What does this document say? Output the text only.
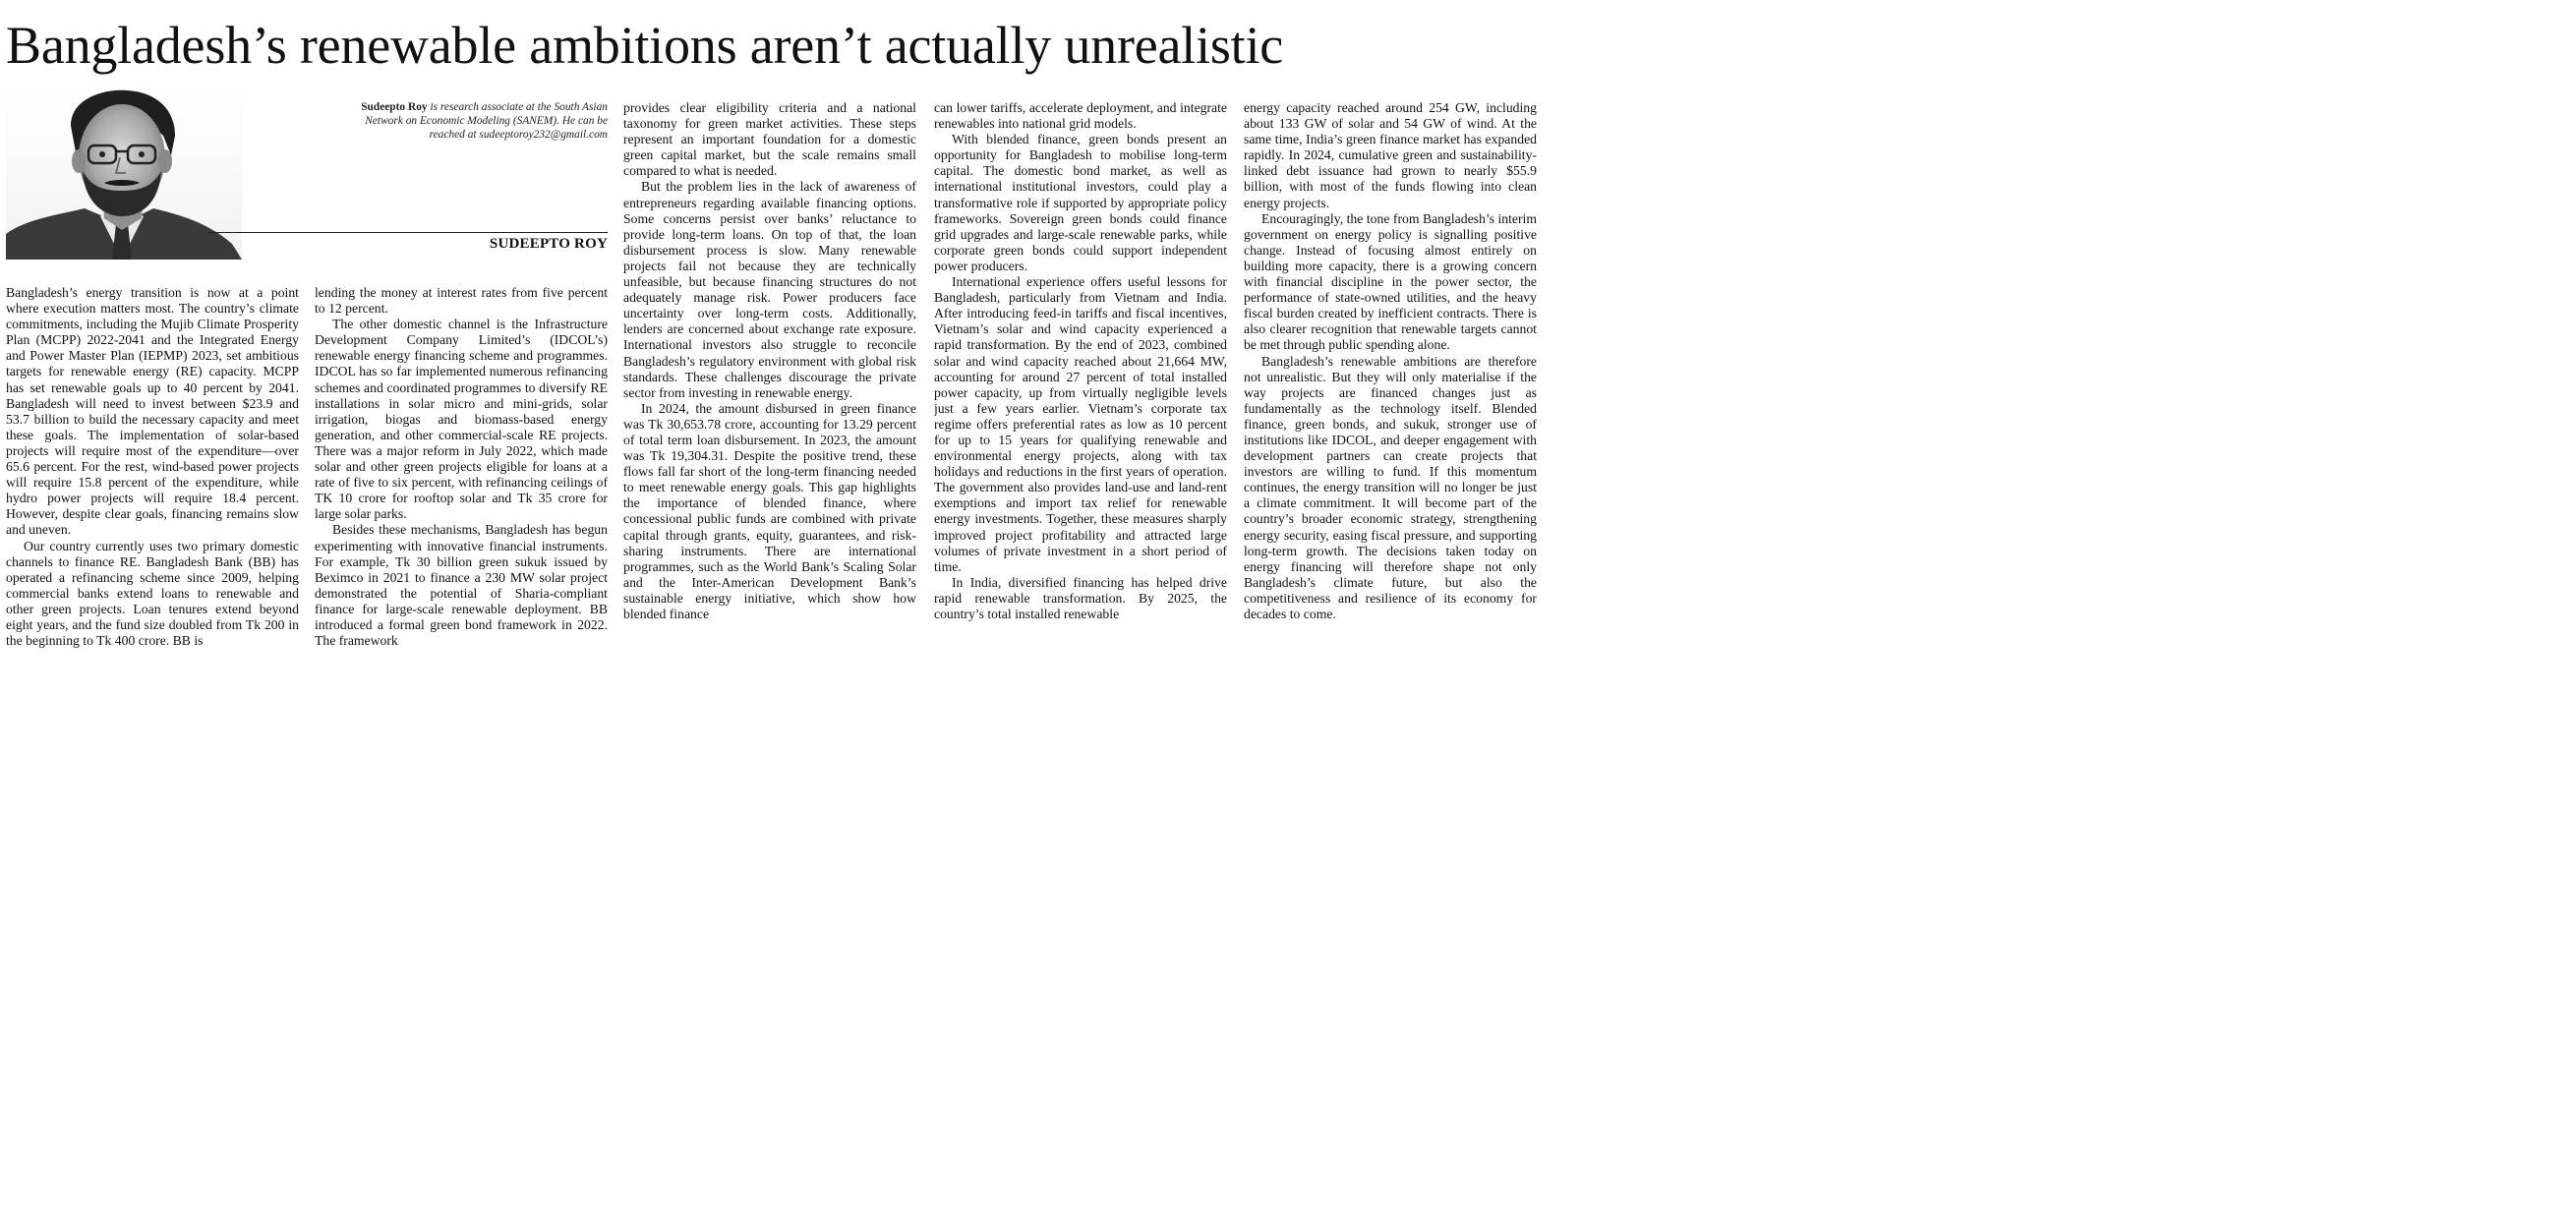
Bangladesh’s renewable ambitions aren’t actually unrealistic
Sudeepto Roy is research associate at the South Asian Network on Economic Modeling (SANEM). He can be reached at sudeeptoroy232@gmail.com
SUDEEPTO ROY

Bangladesh’s energy transition is now at a point where execution matters most. The country’s climate commitments, including the Mujib Climate Prosperity Plan (MCPP) 2022-2041 and the Integrated Energy and Power Master Plan (IEPMP) 2023, set ambitious targets for renewable energy (RE) capacity. MCPP has set renewable goals up to 40 percent by 2041. Bangladesh will need to invest between $23.9 and 53.7 billion to build the necessary capacity and meet these goals. The implementation of solar-based projects will require most of the expenditure—over 65.6 percent. For the rest, wind-based power projects will require 15.8 percent of the expenditure, while hydro power projects will require 18.4 percent. However, despite clear goals, financing remains slow and uneven.

Our country currently uses two primary domestic channels to finance RE. Bangladesh Bank (BB) has operated a refinancing scheme since 2009, helping commercial banks extend loans to renewable and other green projects. Loan tenures extend beyond eight years, and the fund size doubled from Tk 200 in the beginning to Tk 400 crore. BB is

lending the money at interest rates from five percent to 12 percent.

The other domestic channel is the Infrastructure Development Company Limited’s (IDCOL’s) renewable energy financing scheme and programmes. IDCOL has so far implemented numerous refinancing schemes and coordinated programmes to diversify RE installations in solar micro and mini-grids, solar irrigation, biogas and biomass-based energy generation, and other commercial-scale RE projects. There was a major reform in July 2022, which made solar and other green projects eligible for loans at a rate of five to six percent, with refinancing ceilings of TK 10 crore for rooftop solar and Tk 35 crore for large solar parks.

Besides these mechanisms, Bangladesh has begun experimenting with innovative financial instruments. For example, Tk 30 billion green sukuk issued by Beximco in 2021 to finance a 230 MW solar project demonstrated the potential of Sharia-compliant finance for large-scale renewable deployment. BB introduced a formal green bond framework in 2022. The framework

provides clear eligibility criteria and a national taxonomy for green market activities. These steps represent an important foundation for a domestic green capital market, but the scale remains small compared to what is needed.

But the problem lies in the lack of awareness of entrepreneurs regarding available financing options. Some concerns persist over banks’ reluctance to provide long-term loans. On top of that, the loan disbursement process is slow. Many renewable projects fail not because they are technically unfeasible, but because financing structures do not adequately manage risk. Power producers face uncertainty over long-term costs. Additionally, lenders are concerned about exchange rate exposure. International investors also struggle to reconcile Bangladesh’s regulatory environment with global risk standards. These challenges discourage the private sector from investing in renewable energy.

In 2024, the amount disbursed in green finance was Tk 30,653.78 crore, accounting for 13.29 percent of total term loan disbursement. In 2023, the amount was Tk 19,304.31. Despite the positive trend, these flows fall far short of the long-term financing needed to meet renewable energy goals. This gap highlights the importance of blended finance, where concessional public funds are combined with private capital through grants, equity, guarantees, and risk-sharing instruments. There are international programmes, such as the World Bank’s Scaling Solar and the Inter-American Development Bank’s sustainable energy initiative, which show how blended finance

can lower tariffs, accelerate deployment, and integrate renewables into national grid models.

With blended finance, green bonds present an opportunity for Bangladesh to mobilise long-term capital. The domestic bond market, as well as international institutional investors, could play a transformative role if supported by appropriate policy frameworks. Sovereign green bonds could finance grid upgrades and large-scale renewable parks, while corporate green bonds could support independent power producers.

International experience offers useful lessons for Bangladesh, particularly from Vietnam and India. After introducing feed-in tariffs and fiscal incentives, Vietnam’s solar and wind capacity experienced a rapid transformation. By the end of 2023, combined solar and wind capacity reached about 21,664 MW, accounting for around 27 percent of total installed power capacity, up from virtually negligible levels just a few years earlier. Vietnam’s corporate tax regime offers preferential rates as low as 10 percent for up to 15 years for qualifying renewable and environmental energy projects, along with tax holidays and reductions in the first years of operation. The government also provides land-use and land-rent exemptions and import tax relief for renewable energy investments. Together, these measures sharply improved project profitability and attracted large volumes of private investment in a short period of time.

In India, diversified financing has helped drive rapid renewable transformation. By 2025, the country’s total installed renewable

energy capacity reached around 254 GW, including about 133 GW of solar and 54 GW of wind. At the same time, India’s green finance market has expanded rapidly. In 2024, cumulative green and sustainability-linked debt issuance had grown to nearly $55.9 billion, with most of the funds flowing into clean energy projects.

Encouragingly, the tone from Bangladesh’s interim government on energy policy is signalling positive change. Instead of focusing almost entirely on building more capacity, there is a growing concern with financial discipline in the power sector, the performance of state-owned utilities, and the heavy fiscal burden created by inefficient contracts. There is also clearer recognition that renewable targets cannot be met through public spending alone.

Bangladesh’s renewable ambitions are therefore not unrealistic. But they will only materialise if the way projects are financed changes just as fundamentally as the technology itself. Blended finance, green bonds, and sukuk, stronger use of institutions like IDCOL, and deeper engagement with development partners can create projects that investors are willing to fund. If this momentum continues, the energy transition will no longer be just a climate commitment. It will become part of the country’s broader economic strategy, strengthening energy security, easing fiscal pressure, and supporting long-term growth. The decisions taken today on energy financing will therefore shape not only Bangladesh’s climate future, but also the competitiveness and resilience of its economy for decades to come.
